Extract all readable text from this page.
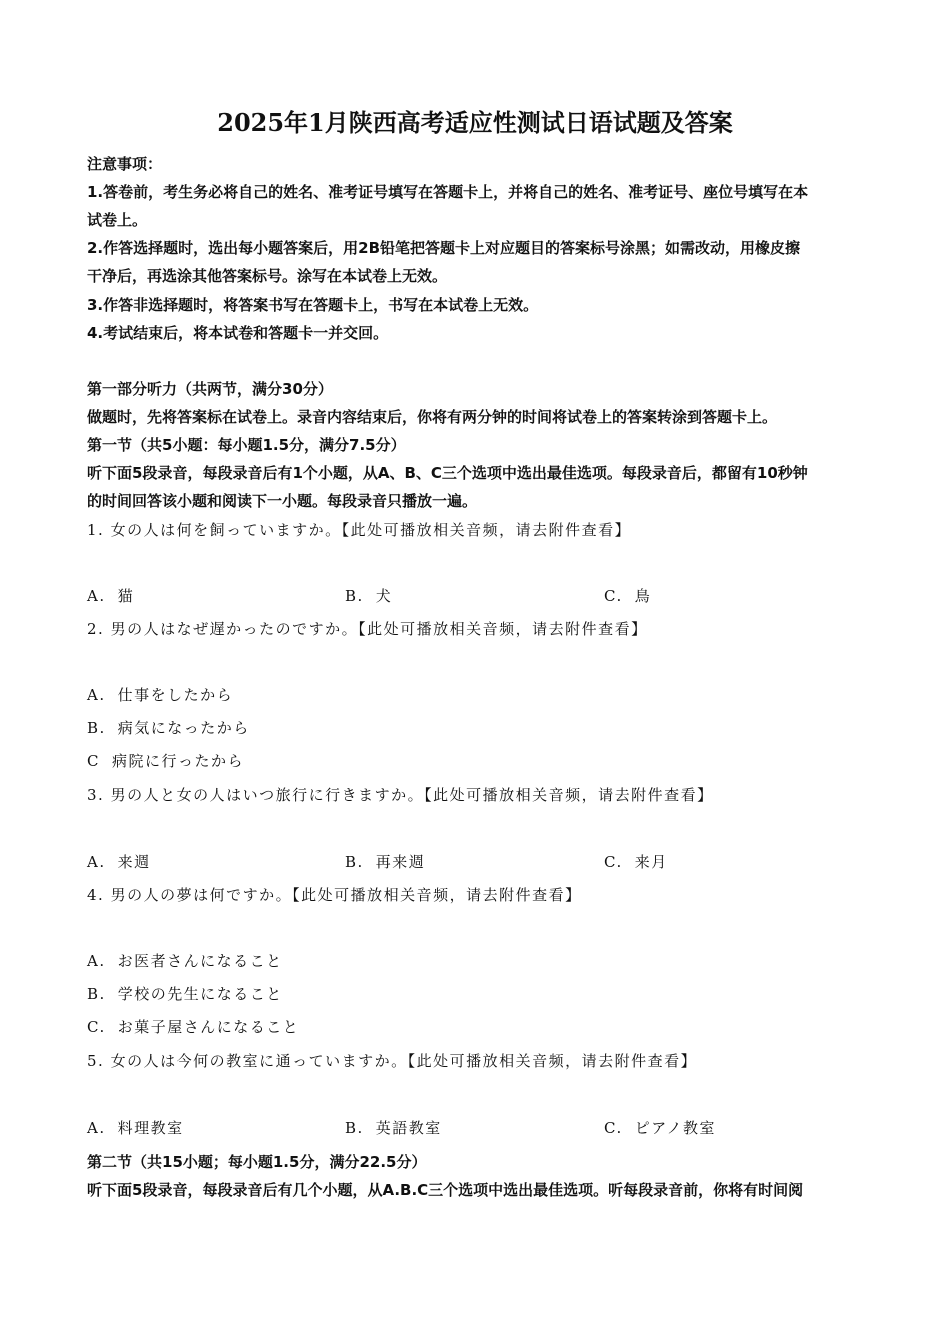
2025年1月陕西高考适应性测试日语试题及答案
注意事项：
1.答卷前，考生务必将自己的姓名、准考证号填写在答题卡上，并将自己的姓名、准考证号、座位号填写在本
试卷上。
2.作答选择题时，选出每小题答案后，用2B铅笔把答题卡上对应题目的答案标号涂黑；如需改动，用橡皮擦
干净后，再选涂其他答案标号。涂写在本试卷上无效。
3.作答非选择题时，将答案书写在答题卡上，书写在本试卷上无效。
4.考试结束后，将本试卷和答题卡一并交回。
第一部分听力（共两节，满分30分）
做题时，先将答案标在试卷上。录音内容结束后，你将有两分钟的时间将试卷上的答案转涂到答题卡上。
第一节（共5小题：每小题1.5分，满分7.5分）
听下面5段录音，每段录音后有1个小题，从A、B、C三个选项中选出最佳选项。每段录音后，都留有10秒钟
的时间回答该小题和阅读下一小题。每段录音只播放一遍。
1. 女の人は何を飼っていますか。【此处可播放相关音频，请去附件查看】
A. 猫	B. 犬	C. 鳥
2. 男の人はなぜ遅かったのですか。【此处可播放相关音频，请去附件查看】
A. 仕事をしたから
B. 病気になったから
C 病院に行ったから
3. 男の人と女の人はいつ旅行に行きますか。【此处可播放相关音频，请去附件查看】
A. 来週	B. 再来週	C. 来月
4. 男の人の夢は何ですか。【此处可播放相关音频，请去附件查看】
A. お医者さんになること
B. 学校の先生になること
C. お菓子屋さんになること
5. 女の人は今何の教室に通っていますか。【此处可播放相关音频，请去附件查看】
A. 料理教室	B. 英語教室	C. ピアノ教室
第二节（共15小题；每小题1.5分，满分22.5分）
听下面5段录音，每段录音后有几个小题，从A.B.C三个选项中选出最佳选项。听每段录音前，你将有时间阅
